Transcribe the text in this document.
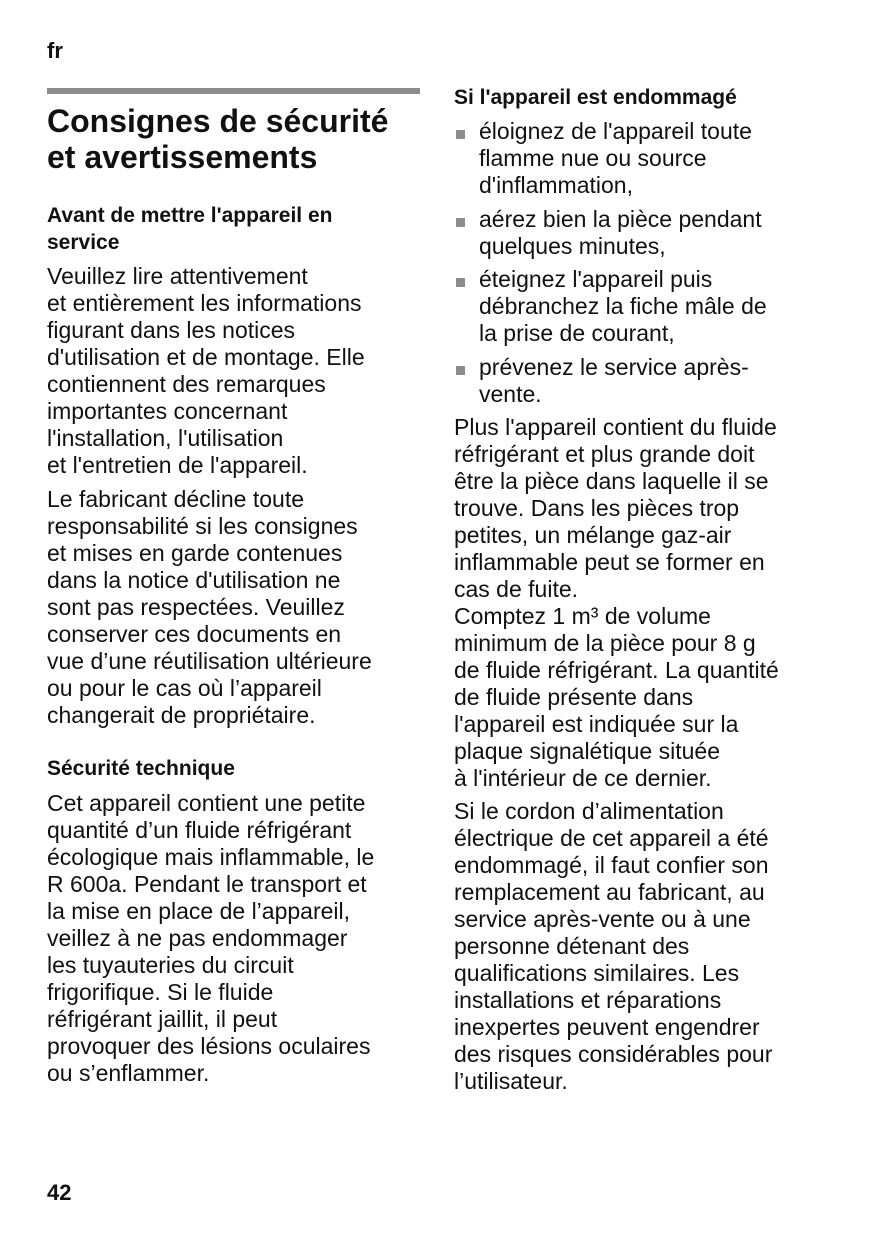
fr
Consignes de sécurité
et avertissements
Avant de mettre l'appareil en
service
Veuillez lire attentivement
et entièrement les informations
figurant dans les notices
d'utilisation et de montage. Elle
contiennent des remarques
importantes concernant
l'installation, l'utilisation
et l'entretien de l'appareil.
Le fabricant décline toute
responsabilité si les consignes
et mises en garde contenues
dans la notice d'utilisation ne
sont pas respectées. Veuillez
conserver ces documents en
vue d’une réutilisation ultérieure
ou pour le cas où l’appareil
changerait de propriétaire.
Sécurité technique
Cet appareil contient une petite
quantité d’un fluide réfrigérant
écologique mais inflammable, le
R 600a. Pendant le transport et
la mise en place de l’appareil,
veillez à ne pas endommager
les tuyauteries du circuit
frigorifique. Si le fluide
réfrigérant jaillit, il peut
provoquer des lésions oculaires
ou s’enflammer.
Si l'appareil est endommagé
éloignez de l'appareil toute
flamme nue ou source
d'inflammation,
aérez bien la pièce pendant
quelques minutes,
éteignez l'appareil puis
débranchez la fiche mâle de
la prise de courant,
prévenez le service après-
vente.
Plus l'appareil contient du fluide
réfrigérant et plus grande doit
être la pièce dans laquelle il se
trouve. Dans les pièces trop
petites, un mélange gaz-air
inflammable peut se former en
cas de fuite.
Comptez 1 m³ de volume
minimum de la pièce pour 8 g
de fluide réfrigérant. La quantité
de fluide présente dans
l'appareil est indiquée sur la
plaque signalétique située
à l'intérieur de ce dernier.
Si le cordon d’alimentation
électrique de cet appareil a été
endommagé, il faut confier son
remplacement au fabricant, au
service après-vente ou à une
personne détenant des
qualifications similaires. Les
installations et réparations
inexpertes peuvent engendrer
des risques considérables pour
l’utilisateur.
42
